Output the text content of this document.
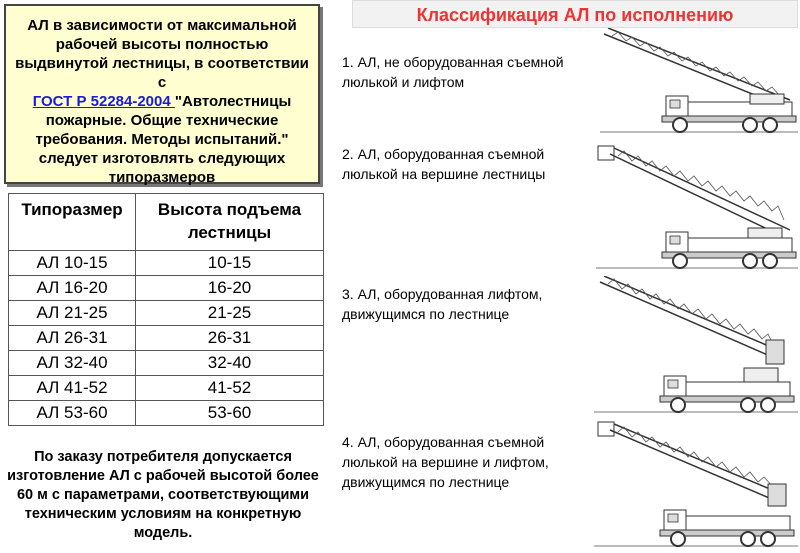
АЛ в зависимости от максимальной рабочей высоты полностью выдвинутой лестницы, в соответствии с
ГОСТ Р 52284-2004 "Автолестницы пожарные. Общие технические требования. Методы испытаний." следует изготовлять следующих типоразмеров
Типоразмер	Высота подъема
лестницы

АЛ 10-15	10-15
АЛ 16-20	16-20
АЛ 21-25	21-25
АЛ 26-31	26-31
АЛ 32-40	32-40
АЛ 41-52	41-52
АЛ 53-60	53-60
По заказу потребителя допускается изготовление АЛ с рабочей высотой более 60 м с параметрами, соответствующими техническим условиям на конкретную модель.
Классификация АЛ по исполнению
1. АЛ, не оборудованная съемной люлькой и лифтом
2. АЛ, оборудованная съемной люлькой на вершине лестницы
3. АЛ, оборудованная лифтом, движущимся по лестнице
4. АЛ, оборудованная съемной люлькой на вершине и лифтом, движущимся по лестнице
